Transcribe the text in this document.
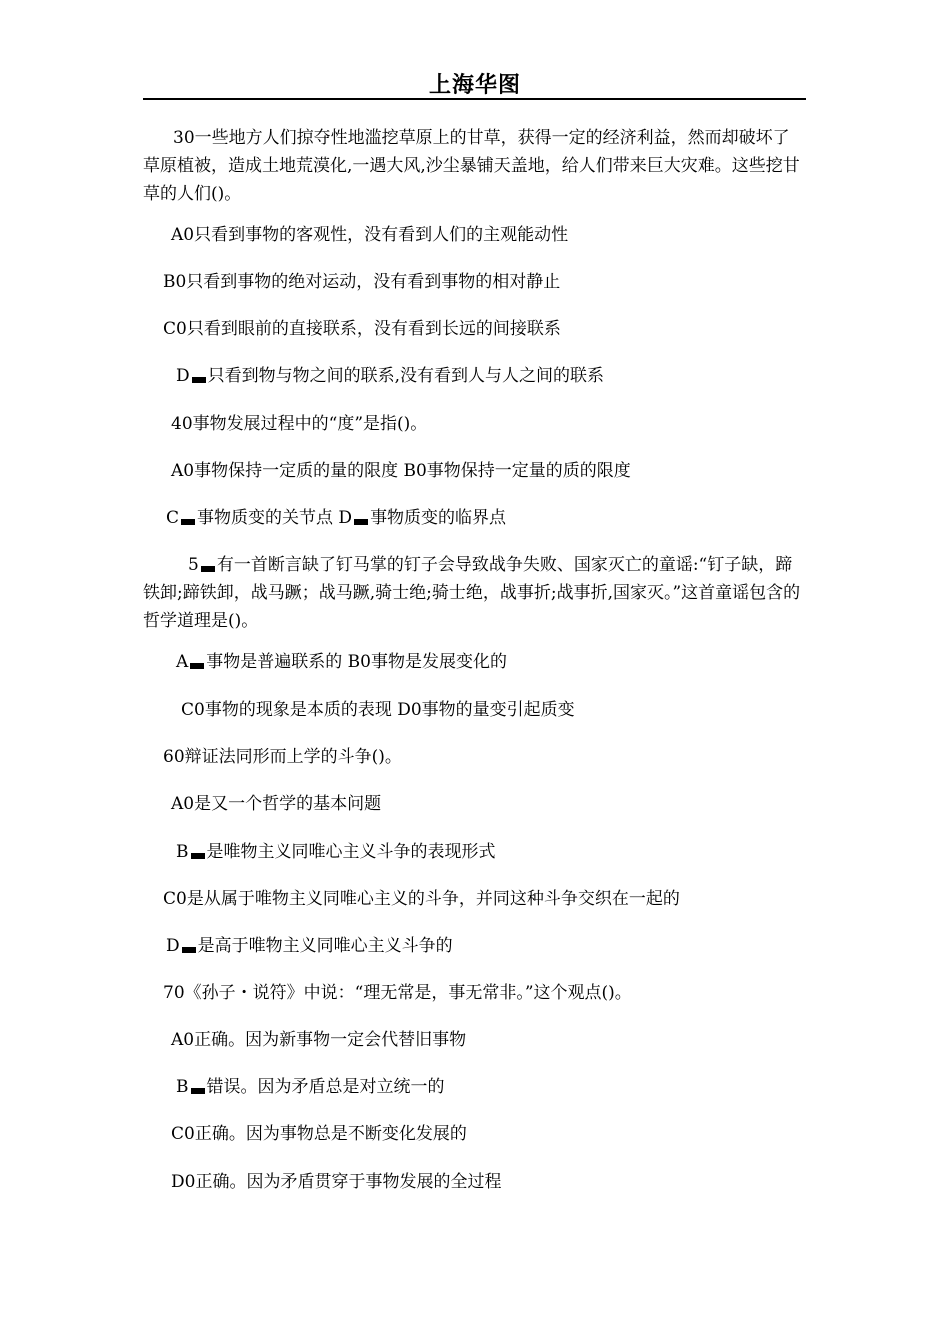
上海华图
30一些地方人们掠夺性地滥挖草原上的甘草，获得一定的经济利益，然而却破坏了草原植被，造成土地荒漠化,一遇大风,沙尘暴铺天盖地，给人们带来巨大灾难。这些挖甘草的人们()。
A0只看到事物的客观性，没有看到人们的主观能动性
B0只看到事物的绝对运动，没有看到事物的相对静止
C0只看到眼前的直接联系，没有看到长远的间接联系
D 只看到物与物之间的联系,没有看到人与人之间的联系
40事物发展过程中的“度”是指()。
A0事物保持一定质的量的限度 B0事物保持一定量的质的限度
C 事物质变的关节点 D 事物质变的临界点
5 有一首断言缺了钉马掌的钉子会导致战争失败、国家灭亡的童谣:“钉子缺，蹄铁卸;蹄铁卸，战马蹶；战马蹶,骑士绝;骑士绝，战事折;战事折,国家灭。”这首童谣包含的哲学道理是()。
A 事物是普遍联系的 B0事物是发展变化的
C0事物的现象是本质的表现 D0事物的量变引起质变
60辩证法同形而上学的斗争()。
A0是又一个哲学的基本问题
B 是唯物主义同唯心主义斗争的表现形式
C0是从属于唯物主义同唯心主义的斗争，并同这种斗争交织在一起的
D 是高于唯物主义同唯心主义斗争的
70《孙子・说符》中说：“理无常是，事无常非。”这个观点()。
A0正确。因为新事物一定会代替旧事物
B 错误。因为矛盾总是对立统一的
C0正确。因为事物总是不断变化发展的
D0正确。因为矛盾贯穿于事物发展的全过程
